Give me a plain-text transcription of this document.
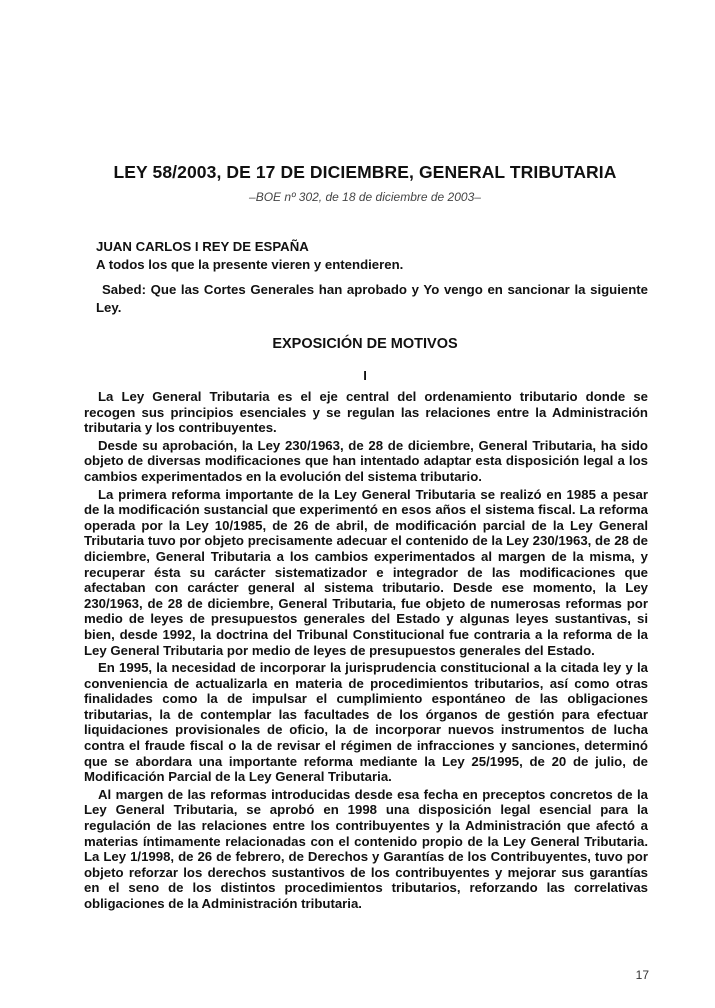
LEY 58/2003, DE 17 DE DICIEMBRE, GENERAL TRIBUTARIA

–BOE nº 302, de 18 de diciembre de 2003–

JUAN CARLOS I REY DE ESPAÑA

A todos los que la presente vieren y entendieren.

Sabed: Que las Cortes Generales han aprobado y Yo vengo en sancionar la siguiente Ley.

EXPOSICIÓN DE MOTIVOS

I

La Ley General Tributaria es el eje central del ordenamiento tributario donde se recogen sus principios esenciales y se regulan las relaciones entre la Administración tributaria y los contribuyentes.

Desde su aprobación, la Ley 230/1963, de 28 de diciembre, General Tributaria, ha sido objeto de diversas modificaciones que han intentado adaptar esta disposición legal a los cambios experimentados en la evolución del sistema tributario.

La primera reforma importante de la Ley General Tributaria se realizó en 1985 a pesar de la modificación sustancial que experimentó en esos años el sistema fiscal. La reforma operada por la Ley 10/1985, de 26 de abril, de modificación parcial de la Ley General Tributaria tuvo por objeto precisamente adecuar el contenido de la Ley 230/1963, de 28 de diciembre, General Tributaria a los cambios experimentados al margen de la misma, y recuperar ésta su carácter sistematizador e integrador de las modificaciones que afectaban con carácter general al sistema tributario. Desde ese momento, la Ley 230/1963, de 28 de diciembre, General Tributaria, fue objeto de numerosas reformas por medio de leyes de presupuestos generales del Estado y algunas leyes sustantivas, si bien, desde 1992, la doctrina del Tribunal Constitucional fue contraria a la reforma de la Ley General Tributaria por medio de leyes de presupuestos generales del Estado.

En 1995, la necesidad de incorporar la jurisprudencia constitucional a la citada ley y la conveniencia de actualizarla en materia de procedimientos tributarios, así como otras finalidades como la de impulsar el cumplimiento espontáneo de las obligaciones tributarias, la de contemplar las facultades de los órganos de gestión para efectuar liquidaciones provisionales de oficio, la de incorporar nuevos instrumentos de lucha contra el fraude fiscal o la de revisar el régimen de infracciones y sanciones, determinó que se abordara una importante reforma mediante la Ley 25/1995, de 20 de julio, de Modificación Parcial de la Ley General Tributaria.

Al margen de las reformas introducidas desde esa fecha en preceptos concretos de la Ley General Tributaria, se aprobó en 1998 una disposición legal esencial para la regulación de las relaciones entre los contribuyentes y la Administración que afectó a materias íntimamente relacionadas con el contenido propio de la Ley General Tributaria. La Ley 1/1998, de 26 de febrero, de Derechos y Garantías de los Contribuyentes, tuvo por objeto reforzar los derechos sustantivos de los contribuyentes y mejorar sus garantías en el seno de los distintos procedimientos tributarios, reforzando las correlativas obligaciones de la Administración tributaria.

17
